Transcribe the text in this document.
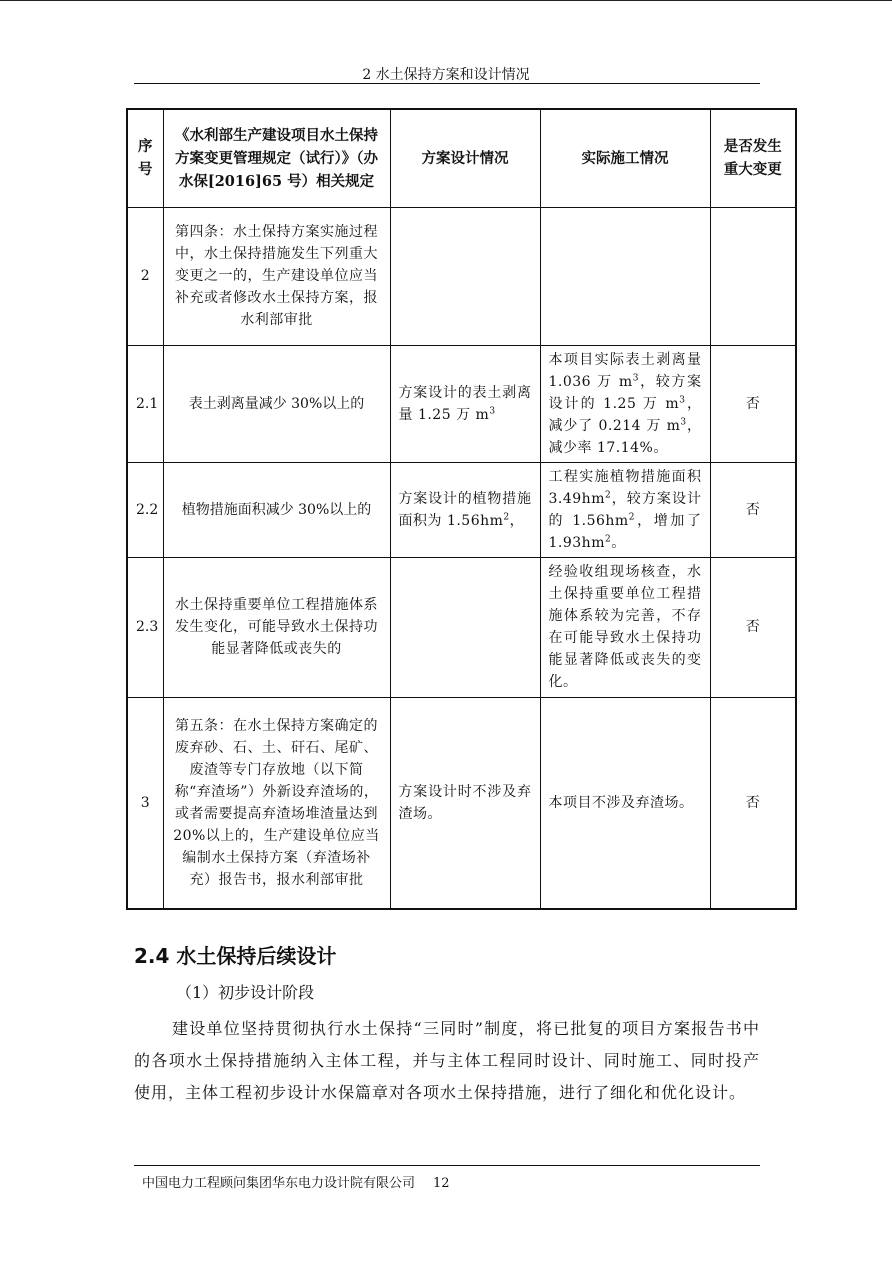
2 水土保持方案和设计情况
序号	《水利部生产建设项目水土保持方案变更管理规定（试行）》（办水保[2016]65 号）相关规定	方案设计情况	实际施工情况	是否发生重大变更
2	第四条：水土保持方案实施过程中，水土保持措施发生下列重大变更之一的，生产建设单位应当补充或者修改水土保持方案，报水利部审批			
2.1	表土剥离量减少 30%以上的	方案设计的表土剥离量 1.25 万 $m^3$	本项目实际表土剥离量 1.036 万 $m^3$，较方案设计的 1.25 万 $m^3$，减少了 0.214 万 $m^3$，减少率 17.14%。	否
2.2	植物措施面积减少 30%以上的	方案设计的植物措施面积为 $1.56hm^2$，	工程实施植物措施面积 $3.49hm^2$，较方案设计的 $1.56hm^2$，增加了 $1.93hm^2$。	否
2.3	水土保持重要单位工程措施体系发生变化，可能导致水土保持功能显著降低或丧失的		经验收组现场核查，水土保持重要单位工程措施体系较为完善，不存在可能导致水土保持功能显著降低或丧失的变化。	否
3	第五条：在水土保持方案确定的废弃砂、石、土、矸石、尾矿、废渣等专门存放地（以下简称“弃渣场”）外新设弃渣场的，或者需要提高弃渣场堆渣量达到 20%以上的，生产建设单位应当编制水土保持方案（弃渣场补充）报告书，报水利部审批	方案设计时不涉及弃渣场。	本项目不涉及弃渣场。	否
2.4 水土保持后续设计
（1）初步设计阶段
建设单位坚持贯彻执行水土保持“三同时”制度，将已批复的项目方案报告书中的各项水土保持措施纳入主体工程，并与主体工程同时设计、同时施工、同时投产使用，主体工程初步设计水保篇章对各项水土保持措施，进行了细化和优化设计。
中国电力工程顾问集团华东电力设计院有限公司 12
